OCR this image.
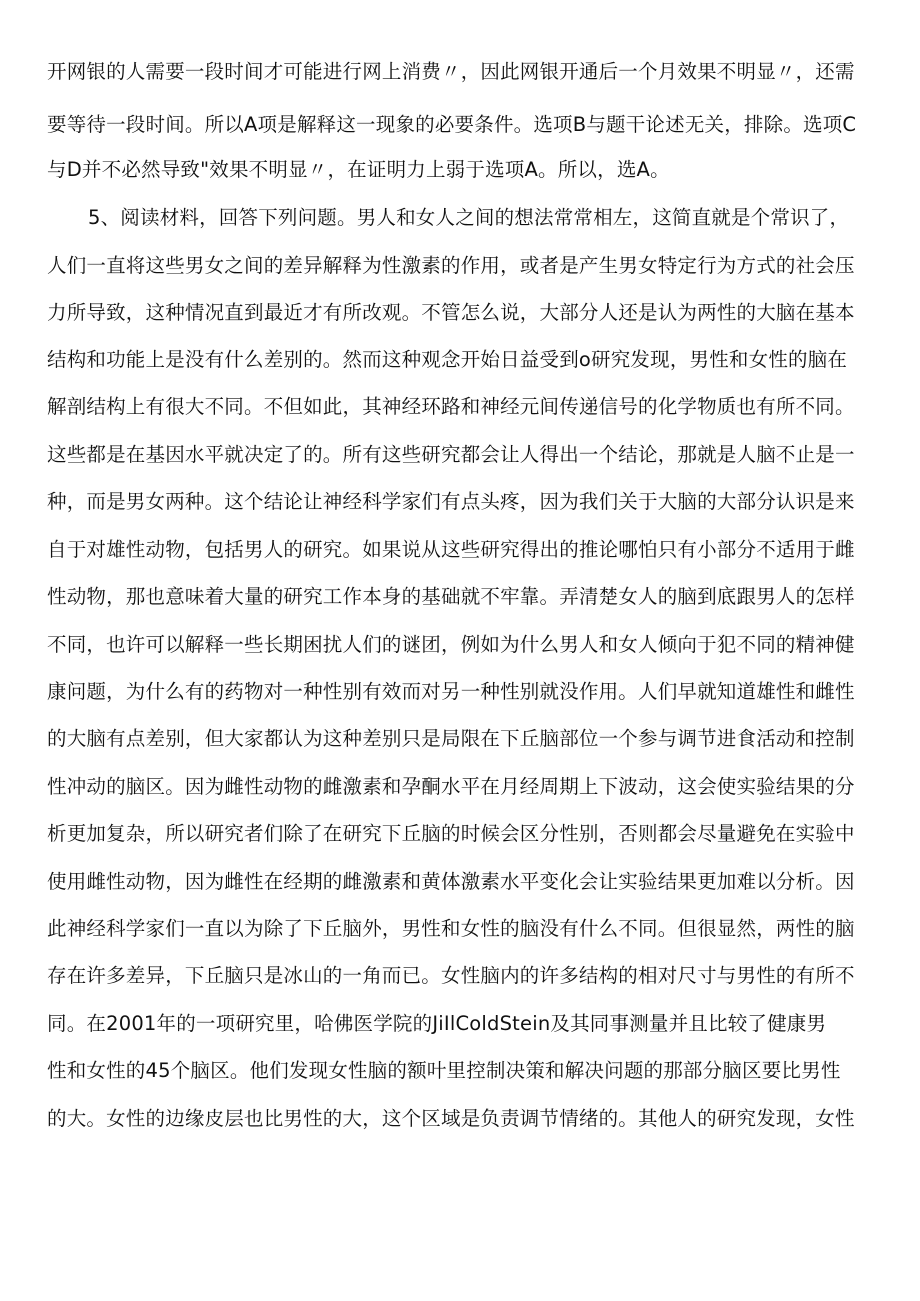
开网银的人需要一段时间才可能进行网上消费〃，因此网银开通后一个月效果不明显〃，还需
要等待一段时间。所以A项是解释这一现象的必要条件。选项B与题干论述无关，排除。选项C
与D并不必然导致"效果不明显〃，在证明力上弱于选项A。所以，选A。
5、阅读材料，回答下列问题。男人和女人之间的想法常常相左，这简直就是个常识了，
人们一直将这些男女之间的差异解释为性激素的作用，或者是产生男女特定行为方式的社会压
力所导致，这种情况直到最近才有所改观。不管怎么说，大部分人还是认为两性的大脑在基本
结构和功能上是没有什么差别的。然而这种观念开始日益受到o研究发现，男性和女性的脑在
解剖结构上有很大不同。不但如此，其神经环路和神经元间传递信号的化学物质也有所不同。
这些都是在基因水平就决定了的。所有这些研究都会让人得出一个结论，那就是人脑不止是一
种，而是男女两种。这个结论让神经科学家们有点头疼，因为我们关于大脑的大部分认识是来
自于对雄性动物，包括男人的研究。如果说从这些研究得出的推论哪怕只有小部分不适用于雌
性动物，那也意味着大量的研究工作本身的基础就不牢靠。弄清楚女人的脑到底跟男人的怎样
不同，也许可以解释一些长期困扰人们的谜团，例如为什么男人和女人倾向于犯不同的精神健
康问题，为什么有的药物对一种性别有效而对另一种性别就没作用。人们早就知道雄性和雌性
的大脑有点差别，但大家都认为这种差别只是局限在下丘脑部位一个参与调节进食活动和控制
性冲动的脑区。因为雌性动物的雌激素和孕酮水平在月经周期上下波动，这会使实验结果的分
析更加复杂，所以研究者们除了在研究下丘脑的时候会区分性别，否则都会尽量避免在实验中
使用雌性动物，因为雌性在经期的雌激素和黄体激素水平变化会让实验结果更加难以分析。因
此神经科学家们一直以为除了下丘脑外，男性和女性的脑没有什么不同。但很显然，两性的脑
存在许多差异，下丘脑只是冰山的一角而已。女性脑内的许多结构的相对尺寸与男性的有所不
同。在2001年的一项研究里，哈佛医学院的JiIlColdStein及其同事测量并且比较了健康男
性和女性的45个脑区。他们发现女性脑的额叶里控制决策和解决问题的那部分脑区要比男性
的大。女性的边缘皮层也比男性的大，这个区域是负责调节情绪的。其他人的研究发现，女性
